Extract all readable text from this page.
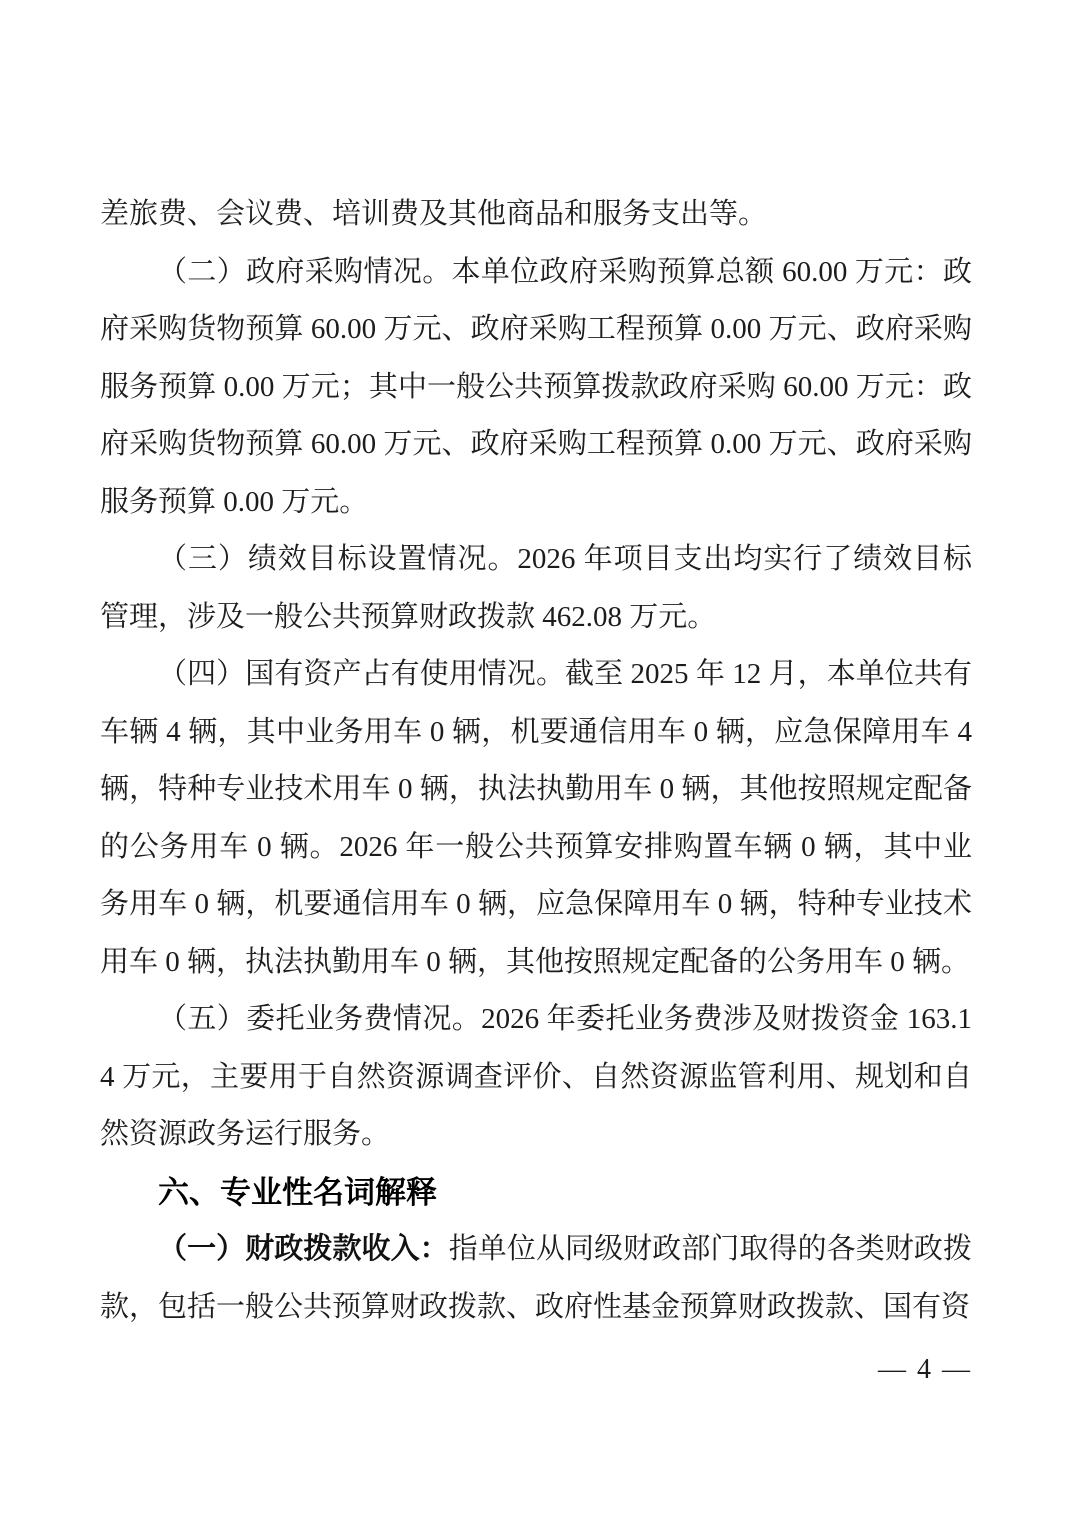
差旅费、会议费、培训费及其他商品和服务支出等。

（二）政府采购情况。本单位政府采购预算总额 60.00 万元：政府采购货物预算 60.00 万元、政府采购工程预算 0.00 万元、政府采购服务预算 0.00 万元；其中一般公共预算拨款政府采购 60.00 万元：政府采购货物预算 60.00 万元、政府采购工程预算 0.00 万元、政府采购服务预算 0.00 万元。

（三）绩效目标设置情况。2026 年项目支出均实行了绩效目标管理，涉及一般公共预算财政拨款 462.08 万元。

（四）国有资产占有使用情况。截至 2025 年 12 月，本单位共有车辆 4 辆，其中业务用车 0 辆，机要通信用车 0 辆，应急保障用车 4 辆，特种专业技术用车 0 辆，执法执勤用车 0 辆，其他按照规定配备的公务用车 0 辆。2026 年一般公共预算安排购置车辆 0 辆，其中业务用车 0 辆，机要通信用车 0 辆，应急保障用车 0 辆，特种专业技术用车 0 辆，执法执勤用车 0 辆，其他按照规定配备的公务用车 0 辆。

（五）委托业务费情况。2026 年委托业务费涉及财拨资金 163.14 万元，主要用于自然资源调查评价、自然资源监管利用、规划和自然资源政务运行服务。

六、专业性名词解释

（一）财政拨款收入：指单位从同级财政部门取得的各类财政拨款，包括一般公共预算财政拨款、政府性基金预算财政拨款、国有资

— 4 —
